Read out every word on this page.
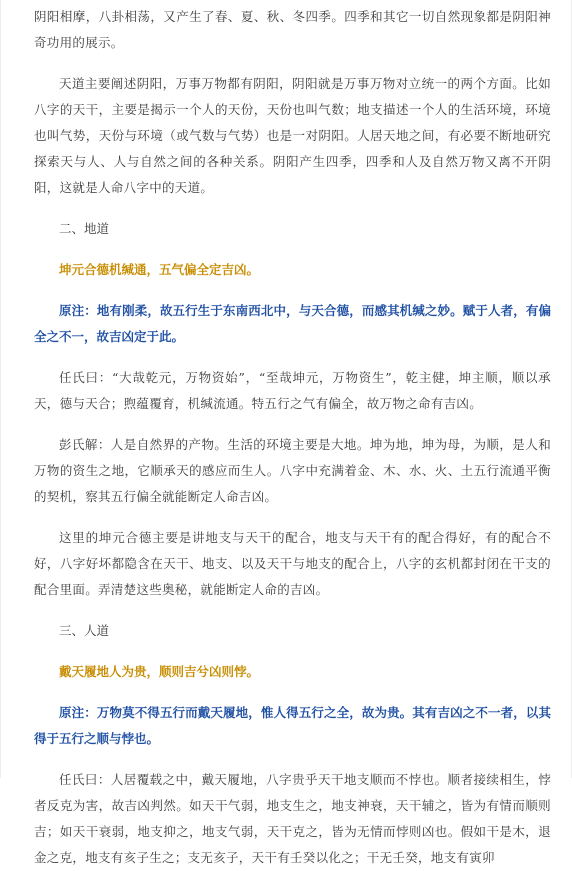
阴阳相摩，八卦相荡，又产生了春、夏、秋、冬四季。四季和其它一切自然现象都是阴阳神奇功用的展示。

天道主要阐述阴阳，万事万物都有阴阳，阴阳就是万事万物对立统一的两个方面。比如八字的天干，主要是揭示一个人的天份，天份也叫气数；地支描述一个人的生活环境，环境也叫气势，天份与环境（或气数与气势）也是一对阴阳。人居天地之间，有必要不断地研究探索天与人、人与自然之间的各种关系。阴阳产生四季，四季和人及自然万物又离不开阴阳，这就是人命八字中的天道。

二、地道

坤元合德机缄通，五气偏全定吉凶。

原注：地有刚柔，故五行生于东南西北中，与天合德，而感其机缄之妙。赋于人者，有偏全之不一，故吉凶定于此。

任氏曰：“大哉乾元，万物资始”，“至哉坤元，万物资生”，乾主健，坤主顺，顺以承天，德与天合；煦蕴覆育，机缄流通。特五行之气有偏全，故万物之命有吉凶。

彭氏解：人是自然界的产物。生活的环境主要是大地。坤为地，坤为母，为顺，是人和万物的资生之地，它顺承天的感应而生人。八字中充满着金、木、水、火、土五行流通平衡的契机，察其五行偏全就能断定人命吉凶。

这里的坤元合德主要是讲地支与天干的配合，地支与天干有的配合得好，有的配合不好，八字好坏都隐含在天干、地支、以及天干与地支的配合上，八字的玄机都封闭在干支的配合里面。弄清楚这些奥秘，就能断定人命的吉凶。

三、人道

戴天履地人为贵，顺则吉兮凶则悖。

原注：万物莫不得五行而戴天履地，惟人得五行之全，故为贵。其有吉凶之不一者，以其得于五行之顺与悖也。

任氏曰：人居覆载之中，戴天履地，八字贵乎天干地支顺而不悖也。顺者接续相生，悖者反克为害，故吉凶判然。如天干气弱，地支生之，地支神衰，天干辅之，皆为有情而顺则吉；如天干衰弱，地支抑之，地支气弱，天干克之，皆为无情而悖则凶也。假如干是木，退金之克，地支有亥子生之；支无亥子，天干有壬癸以化之；干无壬癸，地支有寅卯
